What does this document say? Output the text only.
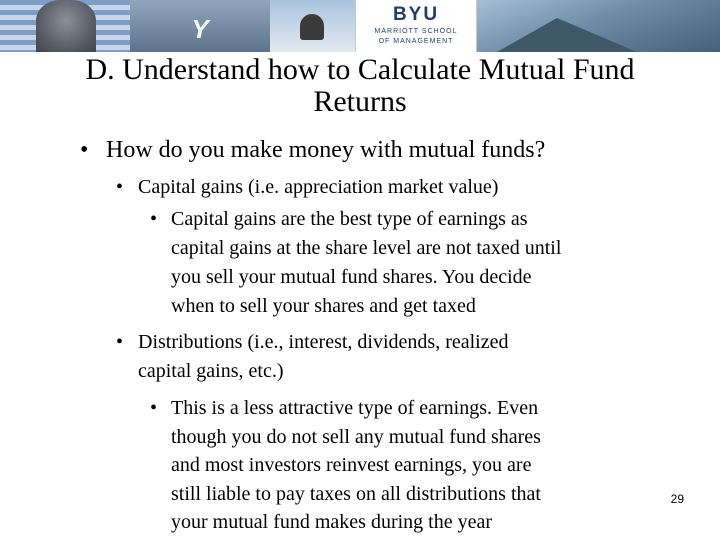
Y	BYU
MARRIOTT SCHOOL
OF MANAGEMENT
D. Understand how to Calculate Mutual Fund
Returns
• How do you make money with mutual funds?
• Capital gains (i.e. appreciation market value)
• Capital gains are the best type of earnings as
capital gains at the share level are not taxed until
you sell your mutual fund shares. You decide
when to sell your shares and get taxed
• Distributions (i.e., interest, dividends, realized
capital gains, etc.)
• This is a less attractive type of earnings. Even
though you do not sell any mutual fund shares
and most investors reinvest earnings, you are
still liable to pay taxes on all distributions that
your mutual fund makes during the year
29
